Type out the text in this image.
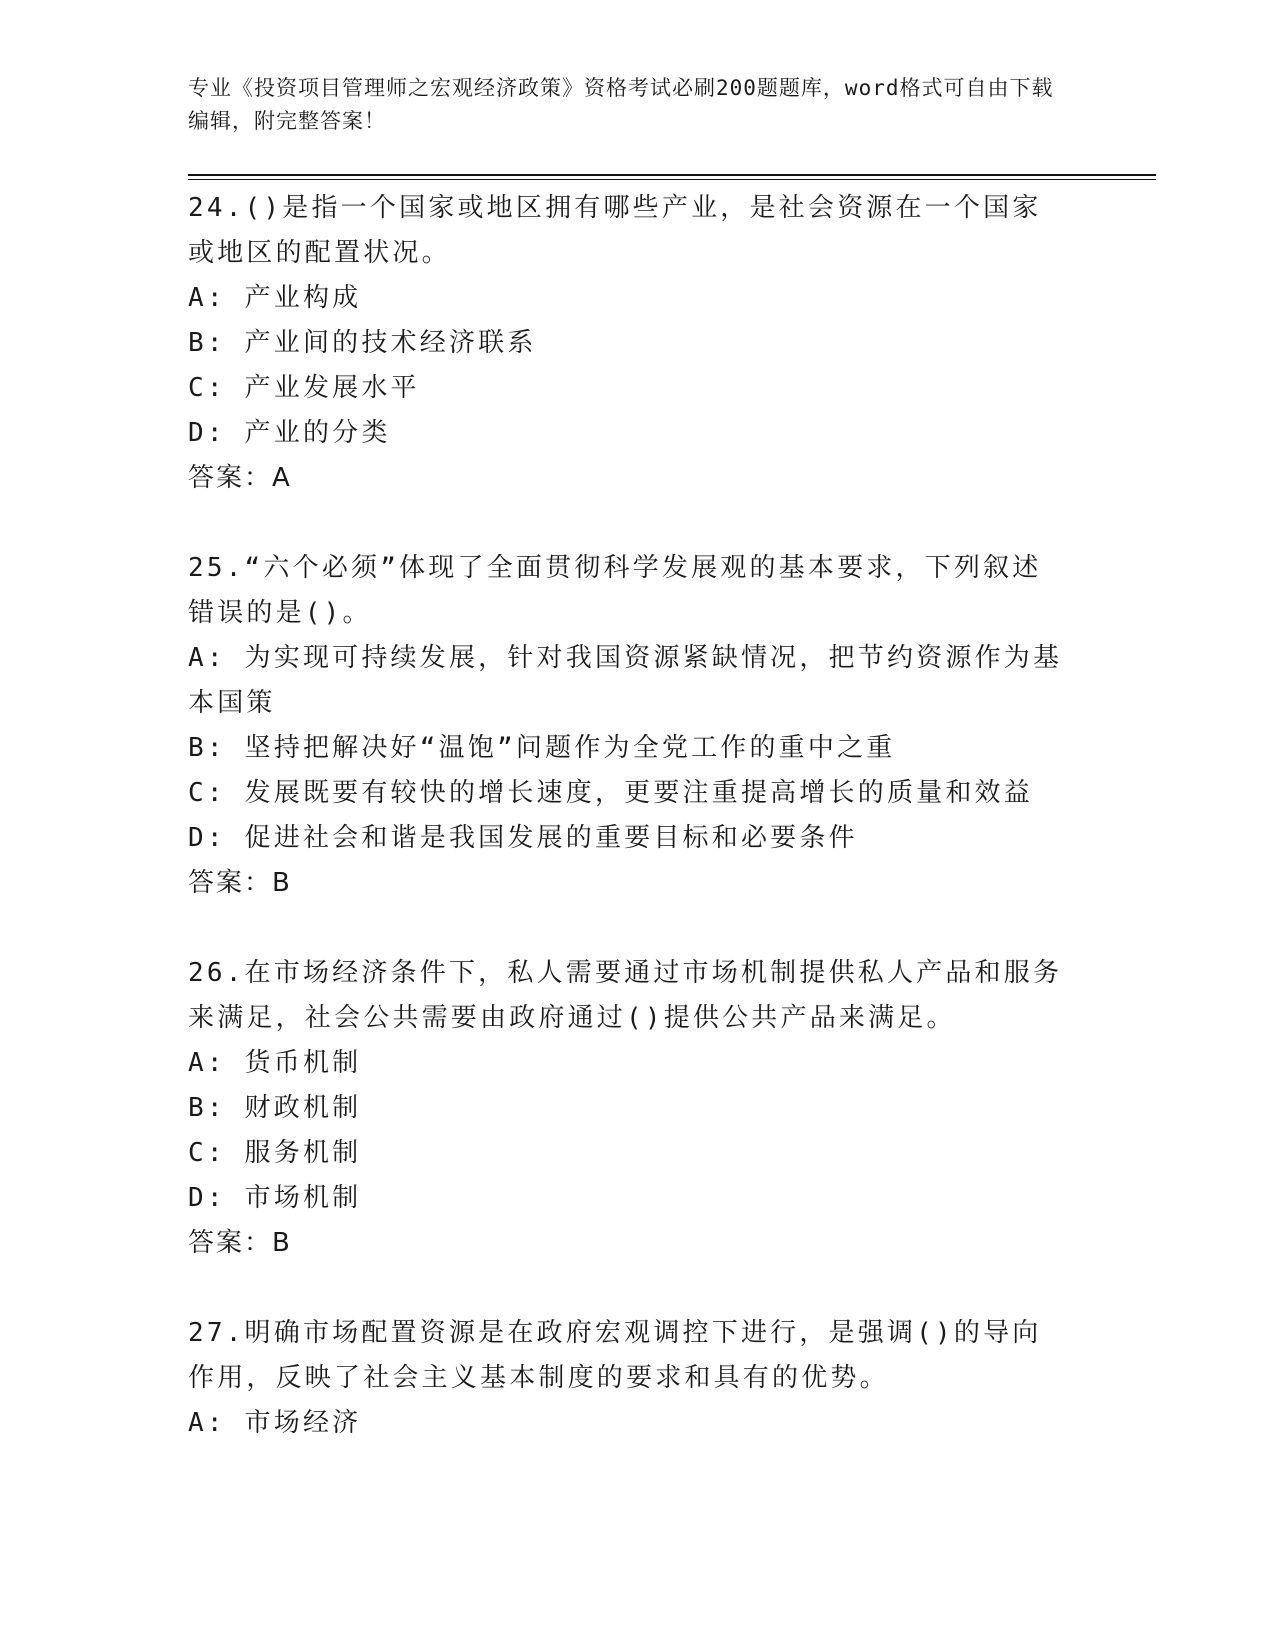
专业《投资项目管理师之宏观经济政策》资格考试必刷200题题库，word格式可自由下载编辑，附完整答案！

24.()是指一个国家或地区拥有哪些产业，是社会资源在一个国家或地区的配置状况。

A: 产业构成

B: 产业间的技术经济联系

C: 产业发展水平

D: 产业的分类

答案：A

25.“六个必须”体现了全面贯彻科学发展观的基本要求，下列叙述错误的是()。

A: 为实现可持续发展，针对我国资源紧缺情况，把节约资源作为基本国策

B: 坚持把解决好“温饱”问题作为全党工作的重中之重

C: 发展既要有较快的增长速度，更要注重提高增长的质量和效益

D: 促进社会和谐是我国发展的重要目标和必要条件

答案：B

26.在市场经济条件下，私人需要通过市场机制提供私人产品和服务来满足，社会公共需要由政府通过()提供公共产品来满足。

A: 货币机制

B: 财政机制

C: 服务机制

D: 市场机制

答案：B

27.明确市场配置资源是在政府宏观调控下进行，是强调()的导向作用，反映了社会主义基本制度的要求和具有的优势。

A: 市场经济
